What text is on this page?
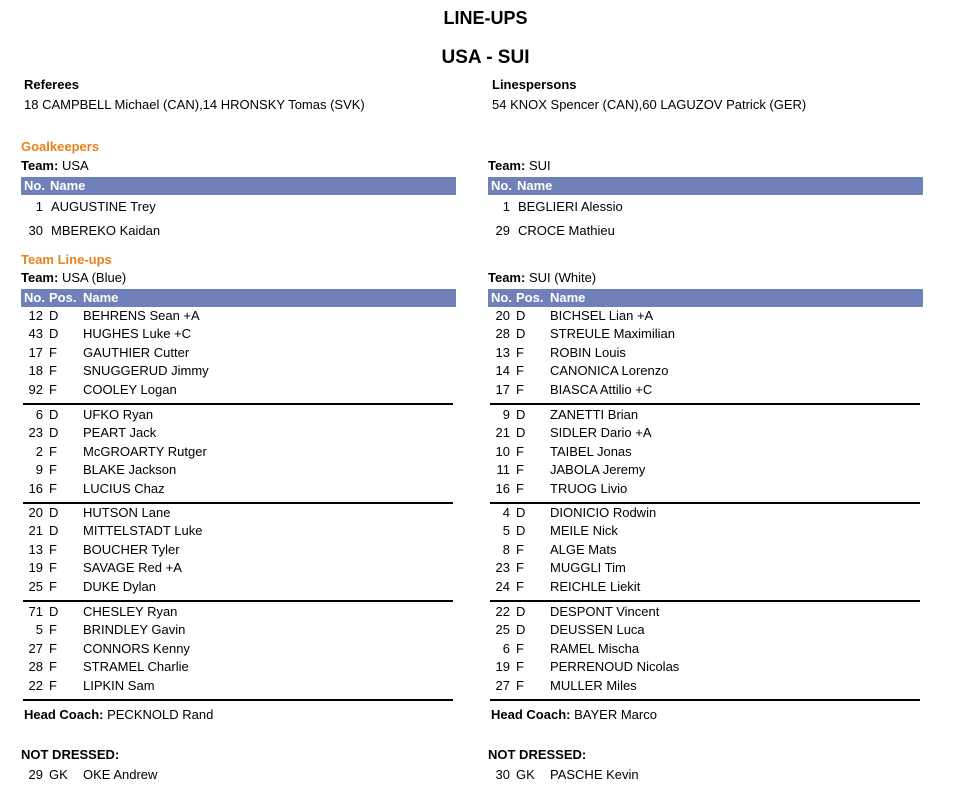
LINE-UPS
USA - SUI
Referees
18 CAMPBELL Michael (CAN),14 HRONSKY Tomas (SVK)
Goalkeepers
Team: USA
No. Name
1 AUGUSTINE Trey
30 MBEREKO Kaidan
Team Line-ups
Team: USA (Blue)
No. Pos. Name
12 D BEHRENS Sean +A
43 D HUGHES Luke +C
17 F GAUTHIER Cutter
18 F SNUGGERUD Jimmy
92 F COOLEY Logan
6 D UFKO Ryan
23 D PEART Jack
2 F McGROARTY Rutger
9 F BLAKE Jackson
16 F LUCIUS Chaz
20 D HUTSON Lane
21 D MITTELSTADT Luke
13 F BOUCHER Tyler
19 F SAVAGE Red +A
25 F DUKE Dylan
71 D CHESLEY Ryan
5 F BRINDLEY Gavin
27 F CONNORS Kenny
28 F STRAMEL Charlie
22 F LIPKIN Sam
Head Coach: PECKNOLD Rand
NOT DRESSED:
29 GK OKE Andrew
Linespersons
54 KNOX Spencer (CAN),60 LAGUZOV Patrick (GER)
Team: SUI
No. Name
1 BEGLIERI Alessio
29 CROCE Mathieu
Team: SUI (White)
No. Pos. Name
20 D BICHSEL Lian +A
28 D STREULE Maximilian
13 F ROBIN Louis
14 F CANONICA Lorenzo
17 F BIASCA Attilio +C
9 D ZANETTI Brian
21 D SIDLER Dario +A
10 F TAIBEL Jonas
11 F JABOLA Jeremy
16 F TRUOG Livio
4 D DIONICIO Rodwin
5 D MEILE Nick
8 F ALGE Mats
23 F MUGGLI Tim
24 F REICHLE Liekit
22 D DESPONT Vincent
25 D DEUSSEN Luca
6 F RAMEL Mischa
19 F PERRENOUD Nicolas
27 F MULLER Miles
Head Coach: BAYER Marco
NOT DRESSED:
30 GK PASCHE Kevin
